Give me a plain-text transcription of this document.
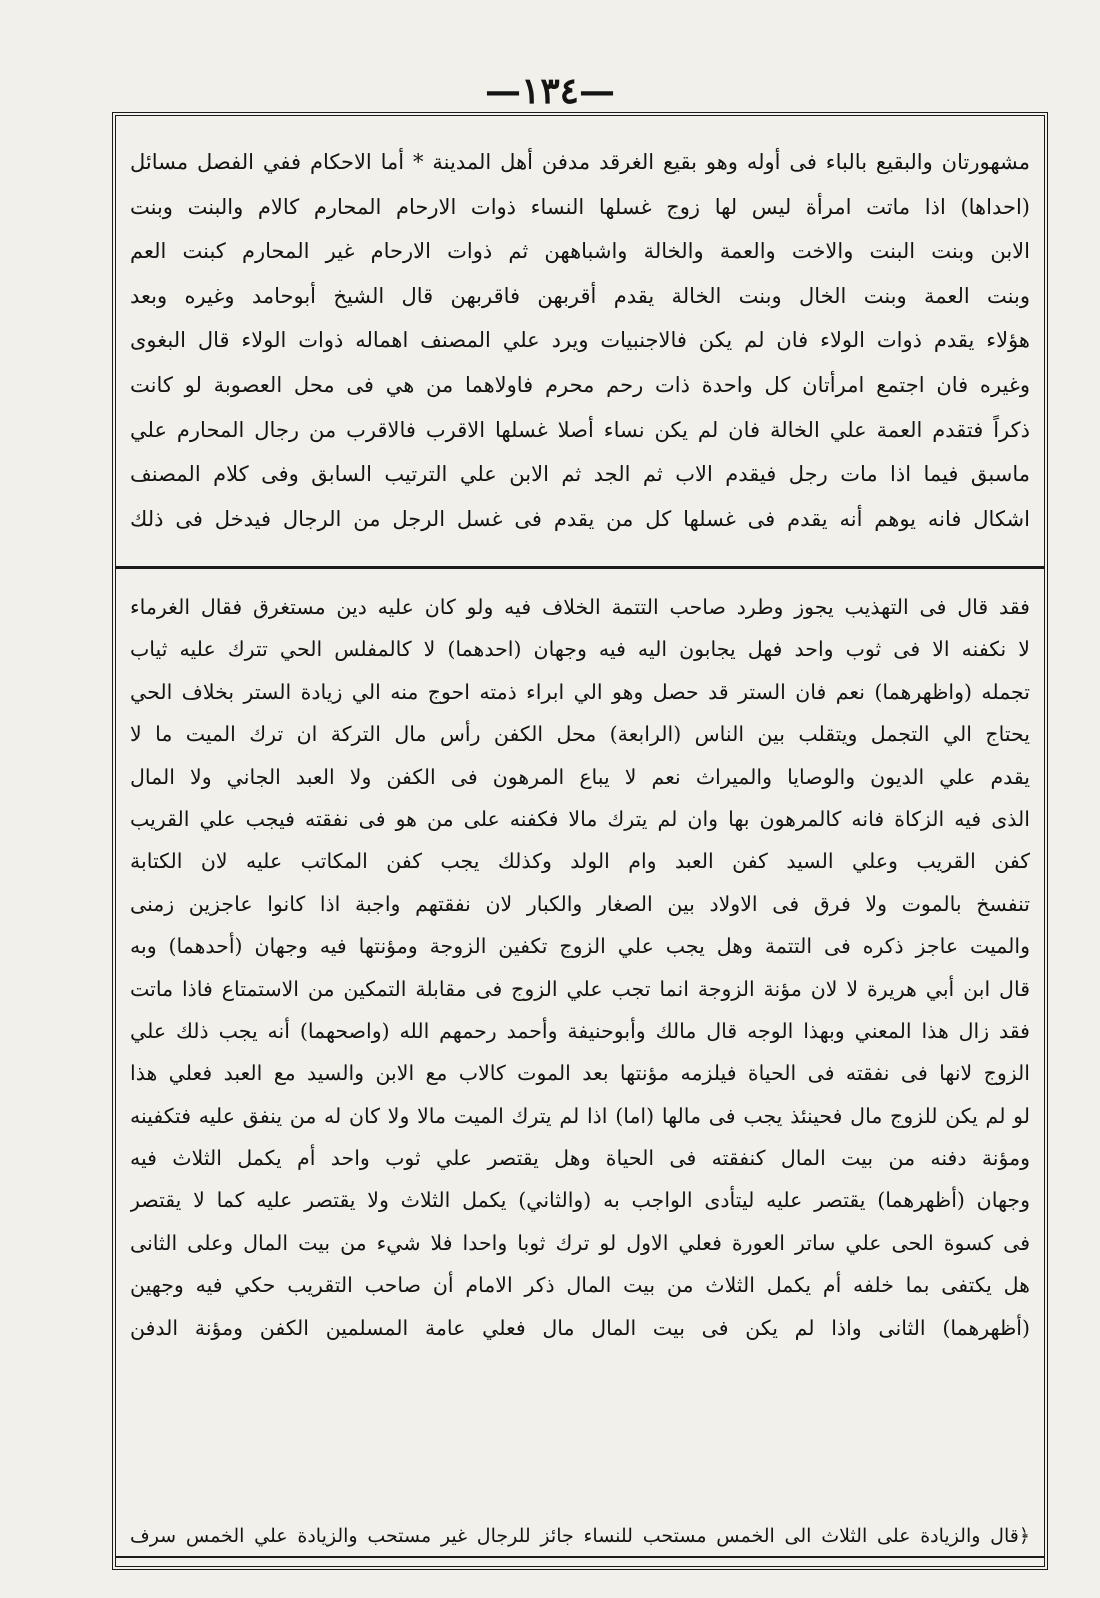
—١٣٤—
مشهورتان والبقيع بالباء فى أوله وهو بقيع الغرقد مدفن أهل المدينة * أما الاحكام ففي الفصل مسائل
(احداها) اذا ماتت امرأة ليس لها زوج غسلها النساء ذوات الارحام المحارم كالام والبنت وبنت
الابن وبنت البنت والاخت والعمة والخالة واشباههن ثم ذوات الارحام غير المحارم كبنت العم
وبنت العمة وبنت الخال وبنت الخالة يقدم أقربهن فاقربهن قال الشيخ أبوحامد وغيره وبعد
هؤلاء يقدم ذوات الولاء فان لم يكن فالاجنبيات ويرد علي المصنف اهماله ذوات الولاء قال البغوى
وغيره فان اجتمع امرأتان كل واحدة ذات رحم محرم فاولاهما من هي فى محل العصوبة لو كانت
ذكراً فتقدم العمة علي الخالة فان لم يكن نساء أصلا غسلها الاقرب فالاقرب من رجال المحارم علي
ماسبق فيما اذا مات رجل فيقدم الاب ثم الجد ثم الابن علي الترتيب السابق وفى كلام المصنف
اشكال فانه يوهم أنه يقدم فى غسلها كل من يقدم فى غسل الرجل من الرجال فيدخل فى ذلك
فقد قال فى التهذيب يجوز وطرد صاحب التتمة الخلاف فيه ولو كان عليه دين مستغرق فقال الغرماء
لا نكفنه الا فى ثوب واحد فهل يجابون اليه فيه وجهان (احدهما) لا كالمفلس الحي تترك عليه ثياب
تجمله (واظهرهما) نعم فان الستر قد حصل وهو الي ابراء ذمته احوج منه الي زيادة الستر بخلاف الحي
يحتاج الي التجمل ويتقلب بين الناس (الرابعة) محل الكفن رأس مال التركة ان ترك الميت ما لا
يقدم علي الديون والوصايا والميراث نعم لا يباع المرهون فى الكفن ولا العبد الجاني ولا المال
الذى فيه الزكاة فانه كالمرهون بها وان لم يترك مالا فكفنه على من هو فى نفقته فيجب علي القريب
كفن القريب وعلي السيد كفن العبد وام الولد وكذلك يجب كفن المكاتب عليه لان الكتابة
تنفسخ بالموت ولا فرق فى الاولاد بين الصغار والكبار لان نفقتهم واجبة اذا كانوا عاجزين زمنى
والميت عاجز ذكره فى التتمة وهل يجب علي الزوج تكفين الزوجة ومؤنتها فيه وجهان (أحدهما) وبه
قال ابن أبي هريرة لا لان مؤنة الزوجة انما تجب علي الزوج فى مقابلة التمكين من الاستمتاع فاذا ماتت
فقد زال هذا المعني وبهذا الوجه قال مالك وأبوحنيفة وأحمد رحمهم الله (واصحهما) أنه يجب ذلك علي
الزوج لانها فى نفقته فى الحياة فيلزمه مؤنتها بعد الموت كالاب مع الابن والسيد مع العبد فعلي هذا
لو لم يكن للزوج مال فحينئذ يجب فى مالها (اما) اذا لم يترك الميت مالا ولا كان له من ينفق عليه فتكفينه
ومؤنة دفنه من بيت المال كنفقته فى الحياة وهل يقتصر علي ثوب واحد أم يكمل الثلاث فيه
وجهان (أظهرهما) يقتصر عليه ليتأدى الواجب به (والثاني) يكمل الثلاث ولا يقتصر عليه كما لا يقتصر
فى كسوة الحى علي ساتر العورة فعلي الاول لو ترك ثوبا واحدا فلا شيء من بيت المال وعلى الثانى
هل يكتفى بما خلفه أم يكمل الثلاث من بيت المال ذكر الامام أن صاحب التقريب حكي فيه وجهين
(أظهرهما) الثانى واذا لم يكن فى بيت المال مال فعلي عامة المسلمين الكفن ومؤنة الدفن
﴿قال والزيادة على الثلاث الى الخمس مستحب للنساء جائز للرجال غير مستحب والزيادة علي الخمس سرف
